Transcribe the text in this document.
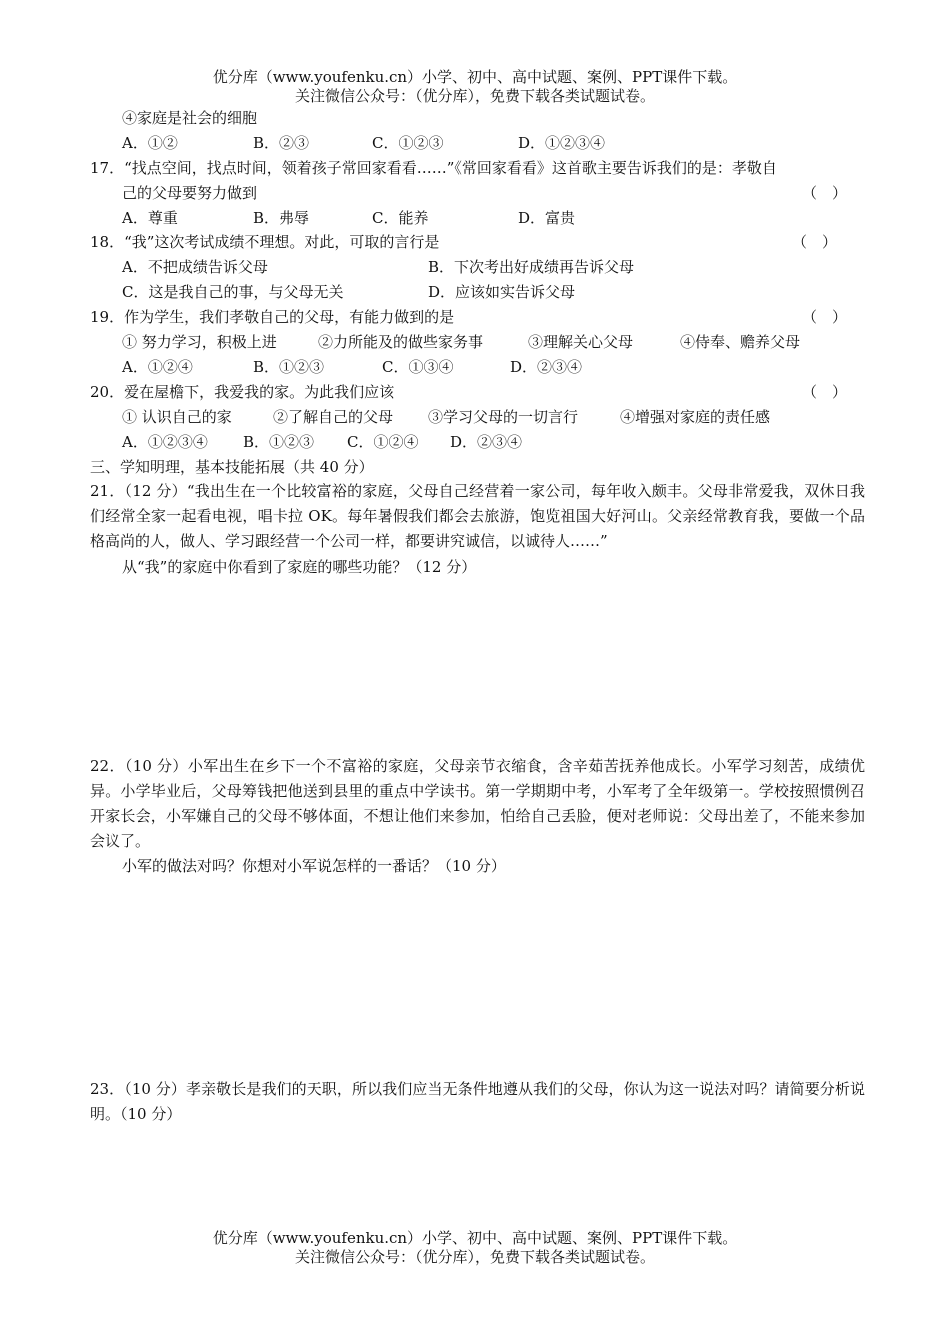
优分库（www.youfenku.cn）小学、初中、高中试题、案例、PPT课件下载。
关注微信公众号：（优分库），免费下载各类试题试卷。
④家庭是社会的细胞
A．①②	B．②③	C．①②③	D．①②③④
17．“找点空间，找点时间，领着孩子常回家看看……”《常回家看看》这首歌主要告诉我们的是：孝敬自
己的父母要努力做到	（　）
A．尊重	B．弗辱	C．能养	D．富贵
18．“我”这次考试成绩不理想。对此，可取的言行是	（　）
A．不把成绩告诉父母	B．下次考出好成绩再告诉父母
C．这是我自己的事，与父母无关	D．应该如实告诉父母
19．作为学生，我们孝敬自己的父母，有能力做到的是	（　）
① 努力学习，积极上进	②力所能及的做些家务事	③理解关心父母	④侍奉、赡养父母
A．①②④	B．①②③	C．①③④	D．②③④
20．爱在屋檐下，我爱我的家。为此我们应该	（　）
① 认识自己的家	②了解自己的父母 ③学习父母的一切言行	④增强对家庭的责任感
A．①②③④ B．①②③ C．①②④ D．②③④
三、学知明理，基本技能拓展（共 40 分）
21．（12 分）“我出生在一个比较富裕的家庭，父母自己经营着一家公司，每年收入颇丰。父母非常爱我，双休日我们经常全家一起看电视，唱卡拉 OK。每年暑假我们都会去旅游，饱览祖国大好河山。父亲经常教育我，要做一个品格高尚的人，做人、学习跟经营一个公司一样，都要讲究诚信，以诚待人……”
从“我”的家庭中你看到了家庭的哪些功能？（12 分）
22．（10 分）小军出生在乡下一个不富裕的家庭，父母亲节衣缩食，含辛茹苦抚养他成长。小军学习刻苦，成绩优异。小学毕业后，父母筹钱把他送到县里的重点中学读书。第一学期期中考，小军考了全年级第一。学校按照惯例召开家长会，小军嫌自己的父母不够体面，不想让他们来参加，怕给自己丢脸，便对老师说：父母出差了，不能来参加会议了。
小军的做法对吗？你想对小军说怎样的一番话？（10 分）
23．（10 分）孝亲敬长是我们的天职，所以我们应当无条件地遵从我们的父母，你认为这一说法对吗？请简要分析说明。（10 分）
优分库（www.youfenku.cn）小学、初中、高中试题、案例、PPT课件下载。
关注微信公众号：（优分库），免费下载各类试题试卷。
